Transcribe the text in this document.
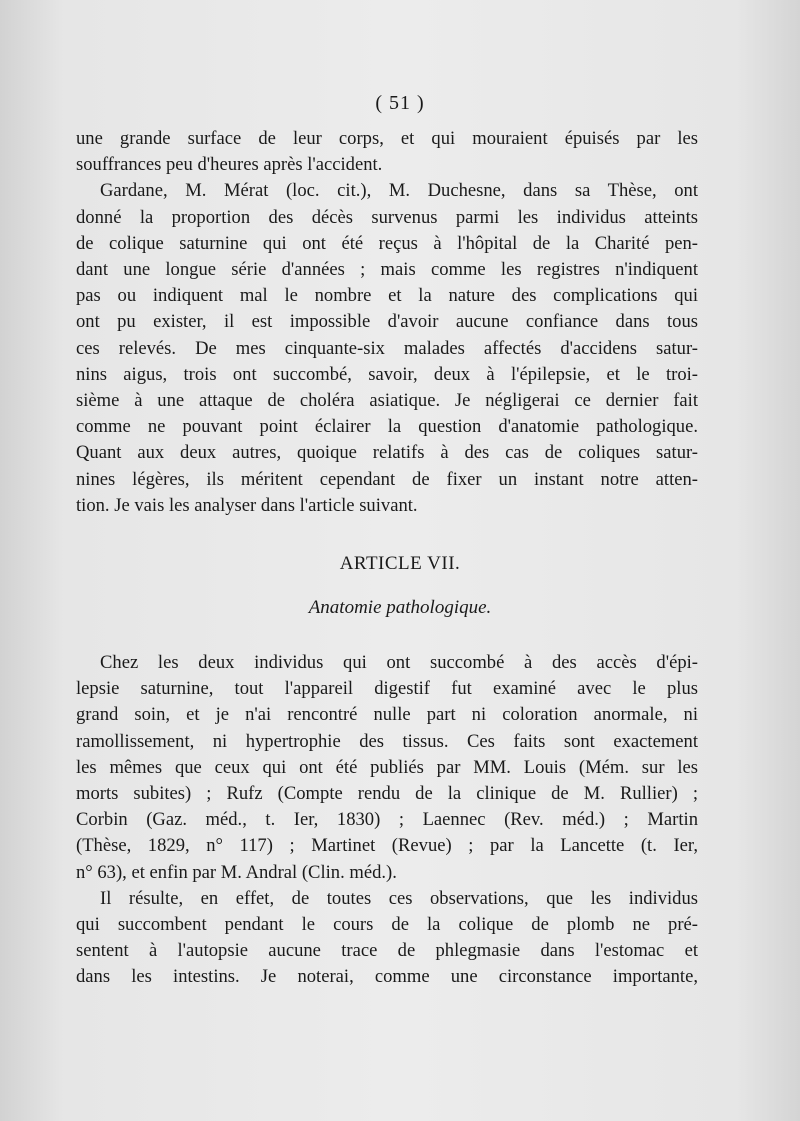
( 51 )

une grande surface de leur corps, et qui mouraient épuisés par les
souffrances peu d'heures après l'accident.

Gardane, M. Mérat (loc. cit.), M. Duchesne, dans sa Thèse, ont
donné la proportion des décès survenus parmi les individus atteints
de colique saturnine qui ont été reçus à l'hôpital de la Charité pen-
dant une longue série d'années ; mais comme les registres n'indiquent
pas ou indiquent mal le nombre et la nature des complications qui
ont pu exister, il est impossible d'avoir aucune confiance dans tous
ces relevés. De mes cinquante-six malades affectés d'accidens satur-
nins aigus, trois ont succombé, savoir, deux à l'épilepsie, et le troi-
sième à une attaque de choléra asiatique. Je négligerai ce dernier fait
comme ne pouvant point éclairer la question d'anatomie pathologique.
Quant aux deux autres, quoique relatifs à des cas de coliques satur-
nines légères, ils méritent cependant de fixer un instant notre atten-
tion. Je vais les analyser dans l'article suivant.

ARTICLE VII.
Anatomie pathologique.

Chez les deux individus qui ont succombé à des accès d'épi-
lepsie saturnine, tout l'appareil digestif fut examiné avec le plus
grand soin, et je n'ai rencontré nulle part ni coloration anormale, ni
ramollissement, ni hypertrophie des tissus. Ces faits sont exactement
les mêmes que ceux qui ont été publiés par MM. Louis (Mém. sur les
morts subites) ; Rufz (Compte rendu de la clinique de M. Rullier) ;
Corbin (Gaz. méd., t. Ier, 1830) ; Laennec (Rev. méd.) ; Martin
(Thèse, 1829, n° 117) ; Martinet (Revue) ; par la Lancette (t. Ier,
n° 63), et enfin par M. Andral (Clin. méd.).

Il résulte, en effet, de toutes ces observations, que les individus
qui succombent pendant le cours de la colique de plomb ne pré-
sentent à l'autopsie aucune trace de phlegmasie dans l'estomac et
dans les intestins. Je noterai, comme une circonstance importante,
